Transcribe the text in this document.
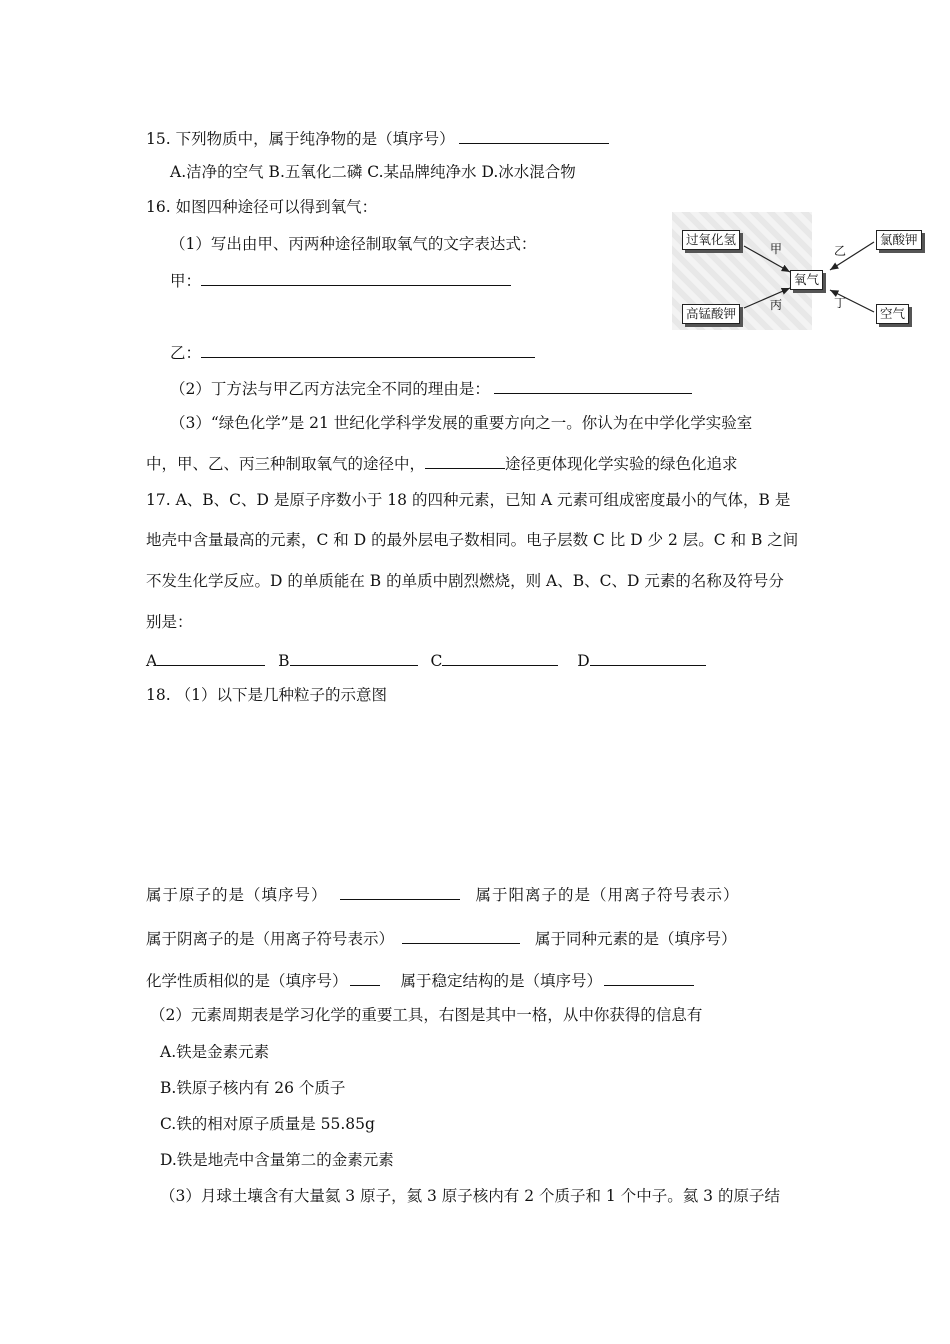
15. 下列物质中，属于纯净物的是（填序号）
A.洁净的空气 B.五氧化二磷 C.某品牌纯净水 D.冰水混合物
16. 如图四种途径可以得到氧气：
（1）写出由甲、丙两种途径制取氧气的文字表达式：
甲：
乙：
（2）丁方法与甲乙丙方法完全不同的理由是：
（3）“绿色化学”是 21 世纪化学科学发展的重要方向之一。你认为在中学化学实验室
中，甲、乙、丙三种制取氧气的途径中，	途径更体现化学实验的绿色化追求
过氧化氢	氯酸钾
氧气
高锰酸钾	空气
甲	乙
丙	丁
17. A、B、C、D 是原子序数小于 18 的四种元素，已知 A 元素可组成密度最小的气体，B 是
地壳中含量最高的元素，C 和 D 的最外层电子数相同。电子层数 C 比 D 少 2 层。C 和 B 之间
不发生化学反应。D 的单质能在 B 的单质中剧烈燃烧，则 A、B、C、D 元素的名称及符号分
别是：
A	B	C	D
18. （1）以下是几种粒子的示意图
属于原子的是（填序号）	属于阳离子的是（用离子符号表示）
属于阴离子的是（用离子符号表示）	属于同种元素的是（填序号）
化学性质相似的是（填序号）	属于稳定结构的是（填序号）
（2）元素周期表是学习化学的重要工具，右图是其中一格，从中你获得的信息有
A.铁是金素元素
B.铁原子核内有 26 个质子
C.铁的相对原子质量是 55.85g
D.铁是地壳中含量第二的金素元素
（3）月球土壤含有大量氦 3 原子，氦 3 原子核内有 2 个质子和 1 个中子。氦 3 的原子结
